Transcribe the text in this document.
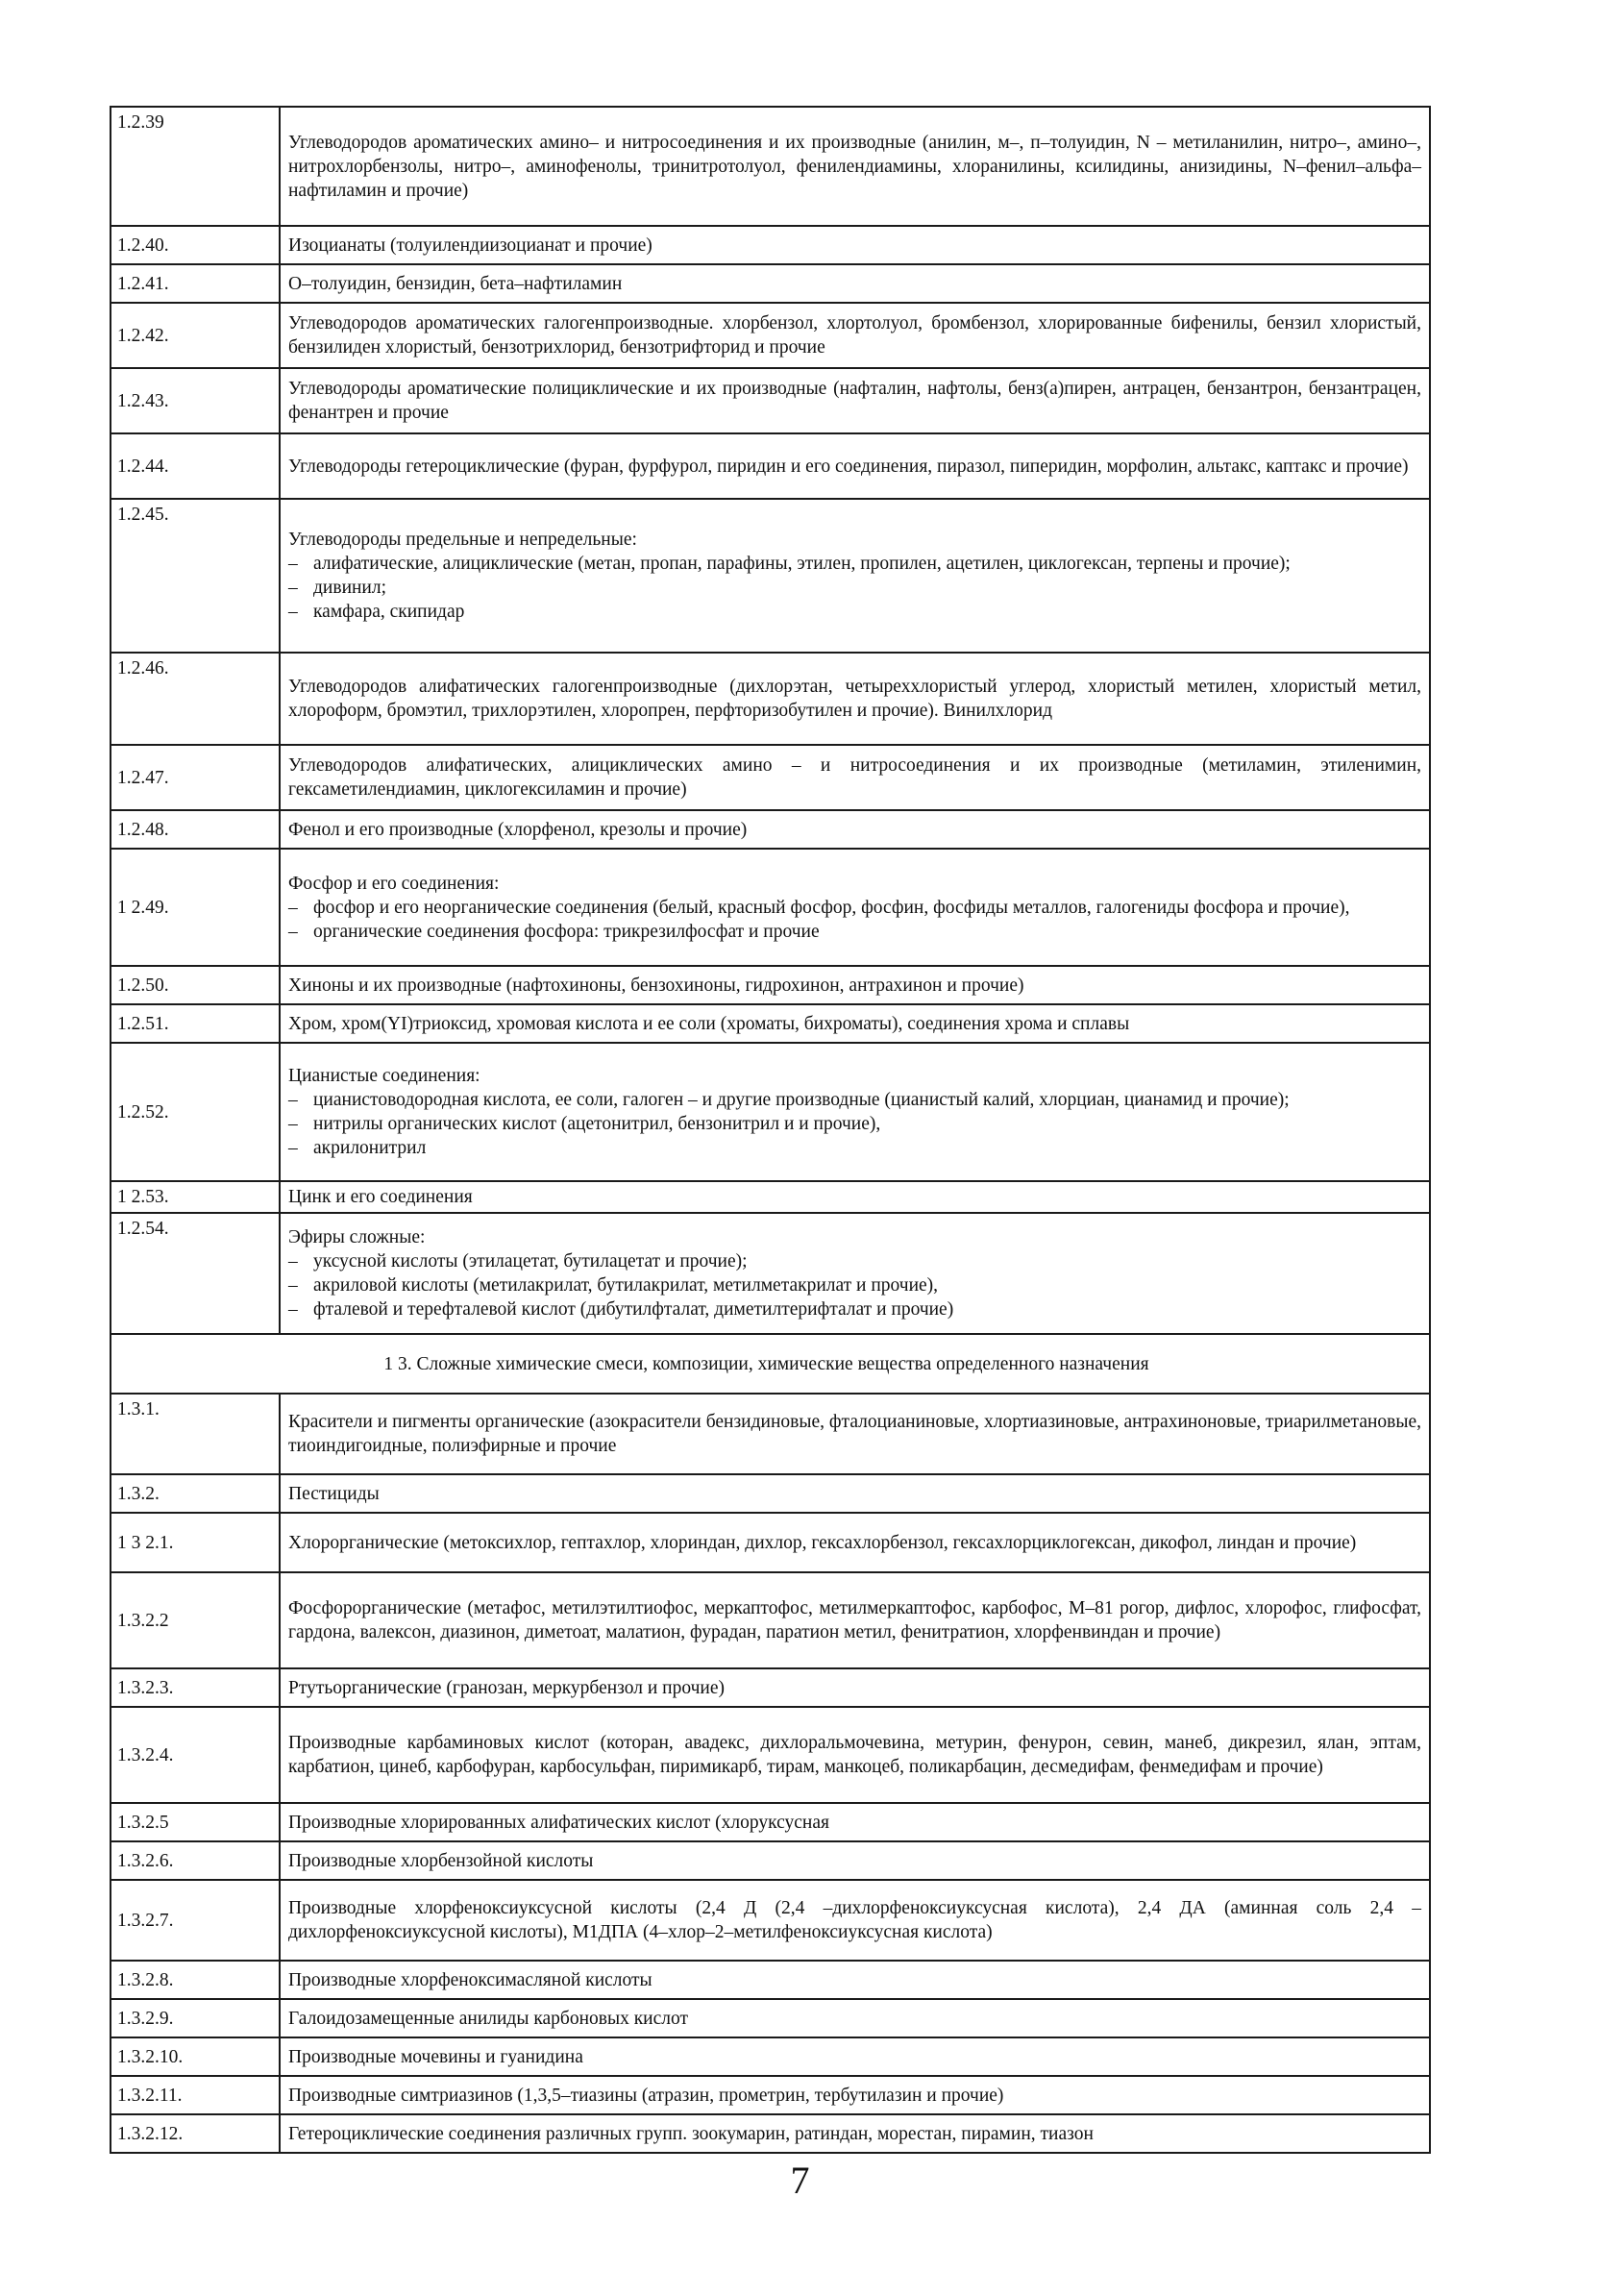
1.2.39	Углеводородов ароматических амино– и нитросоединения и их производные (анилин, м–, п–толуидин, N – метиланилин, нитро–, амино–, нитрохлорбензолы, нитро–, аминофенолы, тринитротолуол, фенилендиамины, хлоранилины, ксилидины, анизидины, N–фенил–альфа–нафтиламин и прочие)

1.2.40.	Изоцианаты (толуилендиизоцианат и прочие)

1.2.41.	О–толуидин, бензидин, бета–нафтиламин

1.2.42.	Углеводородов ароматических галогенпроизводные. хлорбензол, хлортолуол, бромбензол, хлорированные бифенилы, бензил хлористый, бензилиден хлористый, бензотрихлорид, бензотрифторид и прочие

1.2.43.	Углеводороды ароматические полициклические и их производные (нафталин, нафтолы, бенз(а)пирен, антрацен, бензантрон, бензантрацен, фенантрен и прочие

1.2.44.	Углеводороды гетероциклические (фуран, фурфурол, пиридин и его соединения, пиразол, пиперидин, морфолин, альтакс, каптакс и прочие)

1.2.45.	Углеводороды предельные и непредельные:
– алифатические, алициклические (метан, пропан, парафины, этилен, пропилен, ацетилен, циклогексан, терпены и прочие);
– дивинил;
– камфара, скипидар

1.2.46.	Углеводородов алифатических галогенпроизводные (дихлорэтан, четыреххлористый углерод, хлористый метилен, хлористый метил, хлороформ, бромэтил, трихлорэтилен, хлоропрен, перфторизобутилен и прочие). Винилхлорид

1.2.47.	Углеводородов алифатических, алициклических амино – и нитросоединения и их производные (метиламин, этиленимин, гексаметилендиамин, циклогексиламин и прочие)

1.2.48.	Фенол и его производные (хлорфенол, крезолы и прочие)

1 2.49.	Фосфор и его соединения:
– фосфор и его неорганические соединения (белый, красный фосфор, фосфин, фосфиды металлов, галогениды фосфора и прочие),
– органические соединения фосфора: трикрезилфосфат и прочие

1.2.50.	Хиноны и их производные (нафтохиноны, бензохиноны, гидрохинон, антрахинон и прочие)

1.2.51.	Хром, хром(YI)триоксид, хромовая кислота и ее соли (хроматы, бихроматы), соединения хрома и сплавы

1.2.52.	Цианистые соединения:
– цианистоводородная кислота, ее соли, галоген – и другие производные (цианистый калий, хлорциан, цианамид и прочие);
– нитрилы органических кислот (ацетонитрил, бензонитрил и и прочие),
– акрилонитрил

1 2.53.	Цинк и его соединения

1.2.54.	Эфиры сложные:
– уксусной кислоты (этилацетат, бутилацетат и прочие);
– акриловой кислоты (метилакрилат, бутилакрилат, метилметакрилат и прочие),
– фталевой и терефталевой кислот (дибутилфталат, диметилтерифталат и прочие)

1 3. Сложные химические смеси, композиции, химические вещества определенного назначения	
1.3.1.	Красители и пигменты органические (азокрасители бензидиновые, фталоцианиновые, хлортиазиновые, антрахиноновые, триарилметановые, тиоиндигоидные, полиэфирные и прочие

1.3.2.	Пестициды

1 3 2.1.	Хлорорганические (метоксихлор, гептахлор, хлориндан, дихлор, гексахлорбензол, гексахлорциклогексан, дикофол, линдан и прочие)

1.3.2.2	Фосфорорганические (метафос, метилэтилтиофос, меркаптофос, метилмеркаптофос, карбофос, М–81 рогор, дифлос, хлорофос, глифосфат, гардона, валексон, диазинон, диметоат, малатион, фурадан, паратион метил, фенитратион, хлорфенвиндан и прочие)

1.3.2.3.	Ртутьорганические (гранозан, меркурбензол и прочие)

1.3.2.4.	Производные карбаминовых кислот (котоpан, авадекс, дихлоральмочевина, метурин, фенурон, севин, манеб, дикрезил, ялан, эптам, карбатион, цинеб, карбофуран, карбосульфан, пиримикарб, тирам, манкоцеб, поликарбацин, десмедифам, фенмедифам и прочие)

1.3.2.5	Производные хлорированных алифатических кислот (хлоруксусная

1.3.2.6.	Производные хлорбензойной кислоты

1.3.2.7.	Производные хлорфеноксиуксусной кислоты (2,4 Д (2,4 –дихлорфеноксиуксусная кислота), 2,4 ДА (аминная соль 2,4 –дихлорфеноксиуксусной кислоты), М1ДПА (4–хлор–2–метилфеноксиуксусная кислота)

1.3.2.8.	Производные хлорфеноксимасляной кислоты

1.3.2.9.	Галоидозамещенные анилиды карбоновых кислот

1.3.2.10.	Производные мочевины и гуанидина

1.3.2.11.	Производные симтриазинов (1,3,5–тиазины (атразин, прометрин, тербутилазин и прочие)

1.3.2.12.	Гетероциклические соединения различных групп. зоокумарин, ратиндан, морестан, пирамин, тиазон
7
